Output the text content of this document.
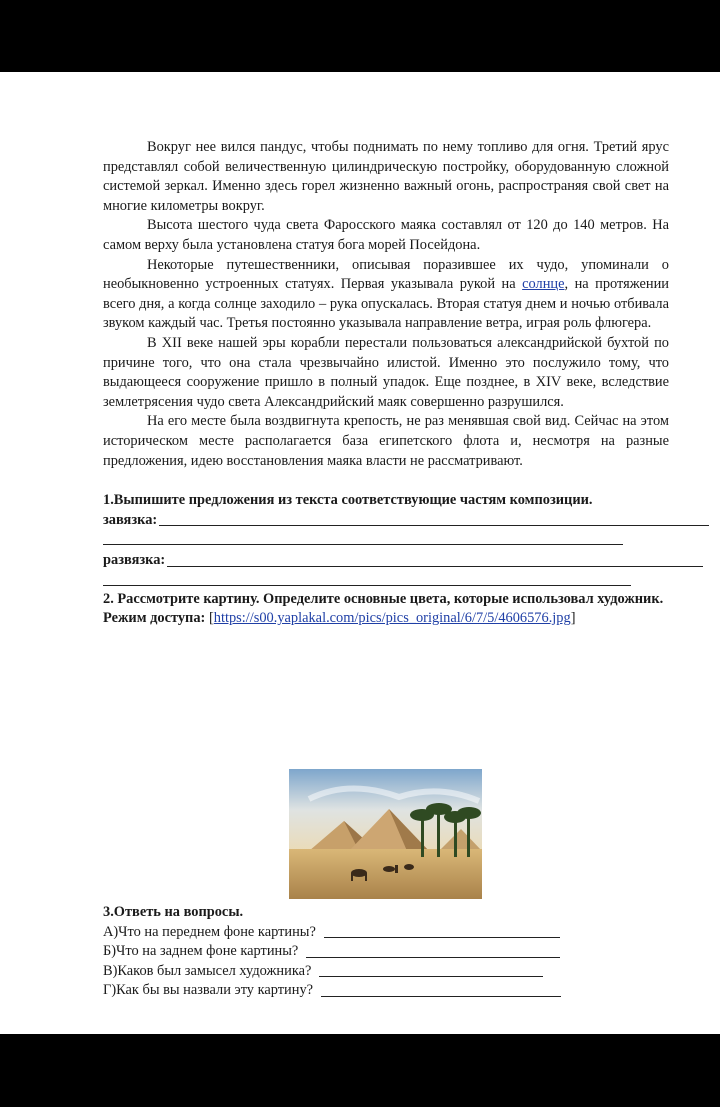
Вокруг нее вился пандус, чтобы поднимать по нему топливо для огня. Третий ярус представлял собой величественную цилиндрическую постройку, оборудованную сложной системой зеркал. Именно здесь горел жизненно важный огонь, распространяя свой свет на многие километры вокруг.

Высота шестого чуда света Фаросского маяка составлял от 120 до 140 метров. На самом верху была установлена статуя бога морей Посейдона.

Некоторые путешественники, описывая поразившее их чудо, упоминали о необыкновенно устроенных статуях. Первая указывала рукой на солнце, на протяжении всего дня, а когда солнце заходило – рука опускалась. Вторая статуя днем и ночью отбивала звуком каждый час. Третья постоянно указывала направление ветра, играя роль флюгера.

В XII веке нашей эры корабли перестали пользоваться александрийской бухтой по причине того, что она стала чрезвычайно илистой. Именно это послужило тому, что выдающееся сооружение пришло в полный упадок. Еще позднее, в XIV веке, вследствие землетрясения чудо света Александрийский маяк совершенно разрушился.

На его месте была воздвигнута крепость, не раз менявшая свой вид. Сейчас на этом историческом месте располагается база египетского флота и, несмотря на разные предложения, идею восстановления маяка власти не рассматривают.

1.Выпишите предложения из текста соответствующие частям композиции.

завязка:
развязка:

2. Рассмотрите картину. Определите основные цвета, которые использовал художник.

Режим доступа: [https://s00.yaplakal.com/pics/pics_original/6/7/5/4606576.jpg]

3.Ответь на вопросы.

А)Что на переднем фоне картины?
Б)Что на заднем фоне картины?
В)Каков был замысел художника?
Г)Как бы вы назвали эту картину?
